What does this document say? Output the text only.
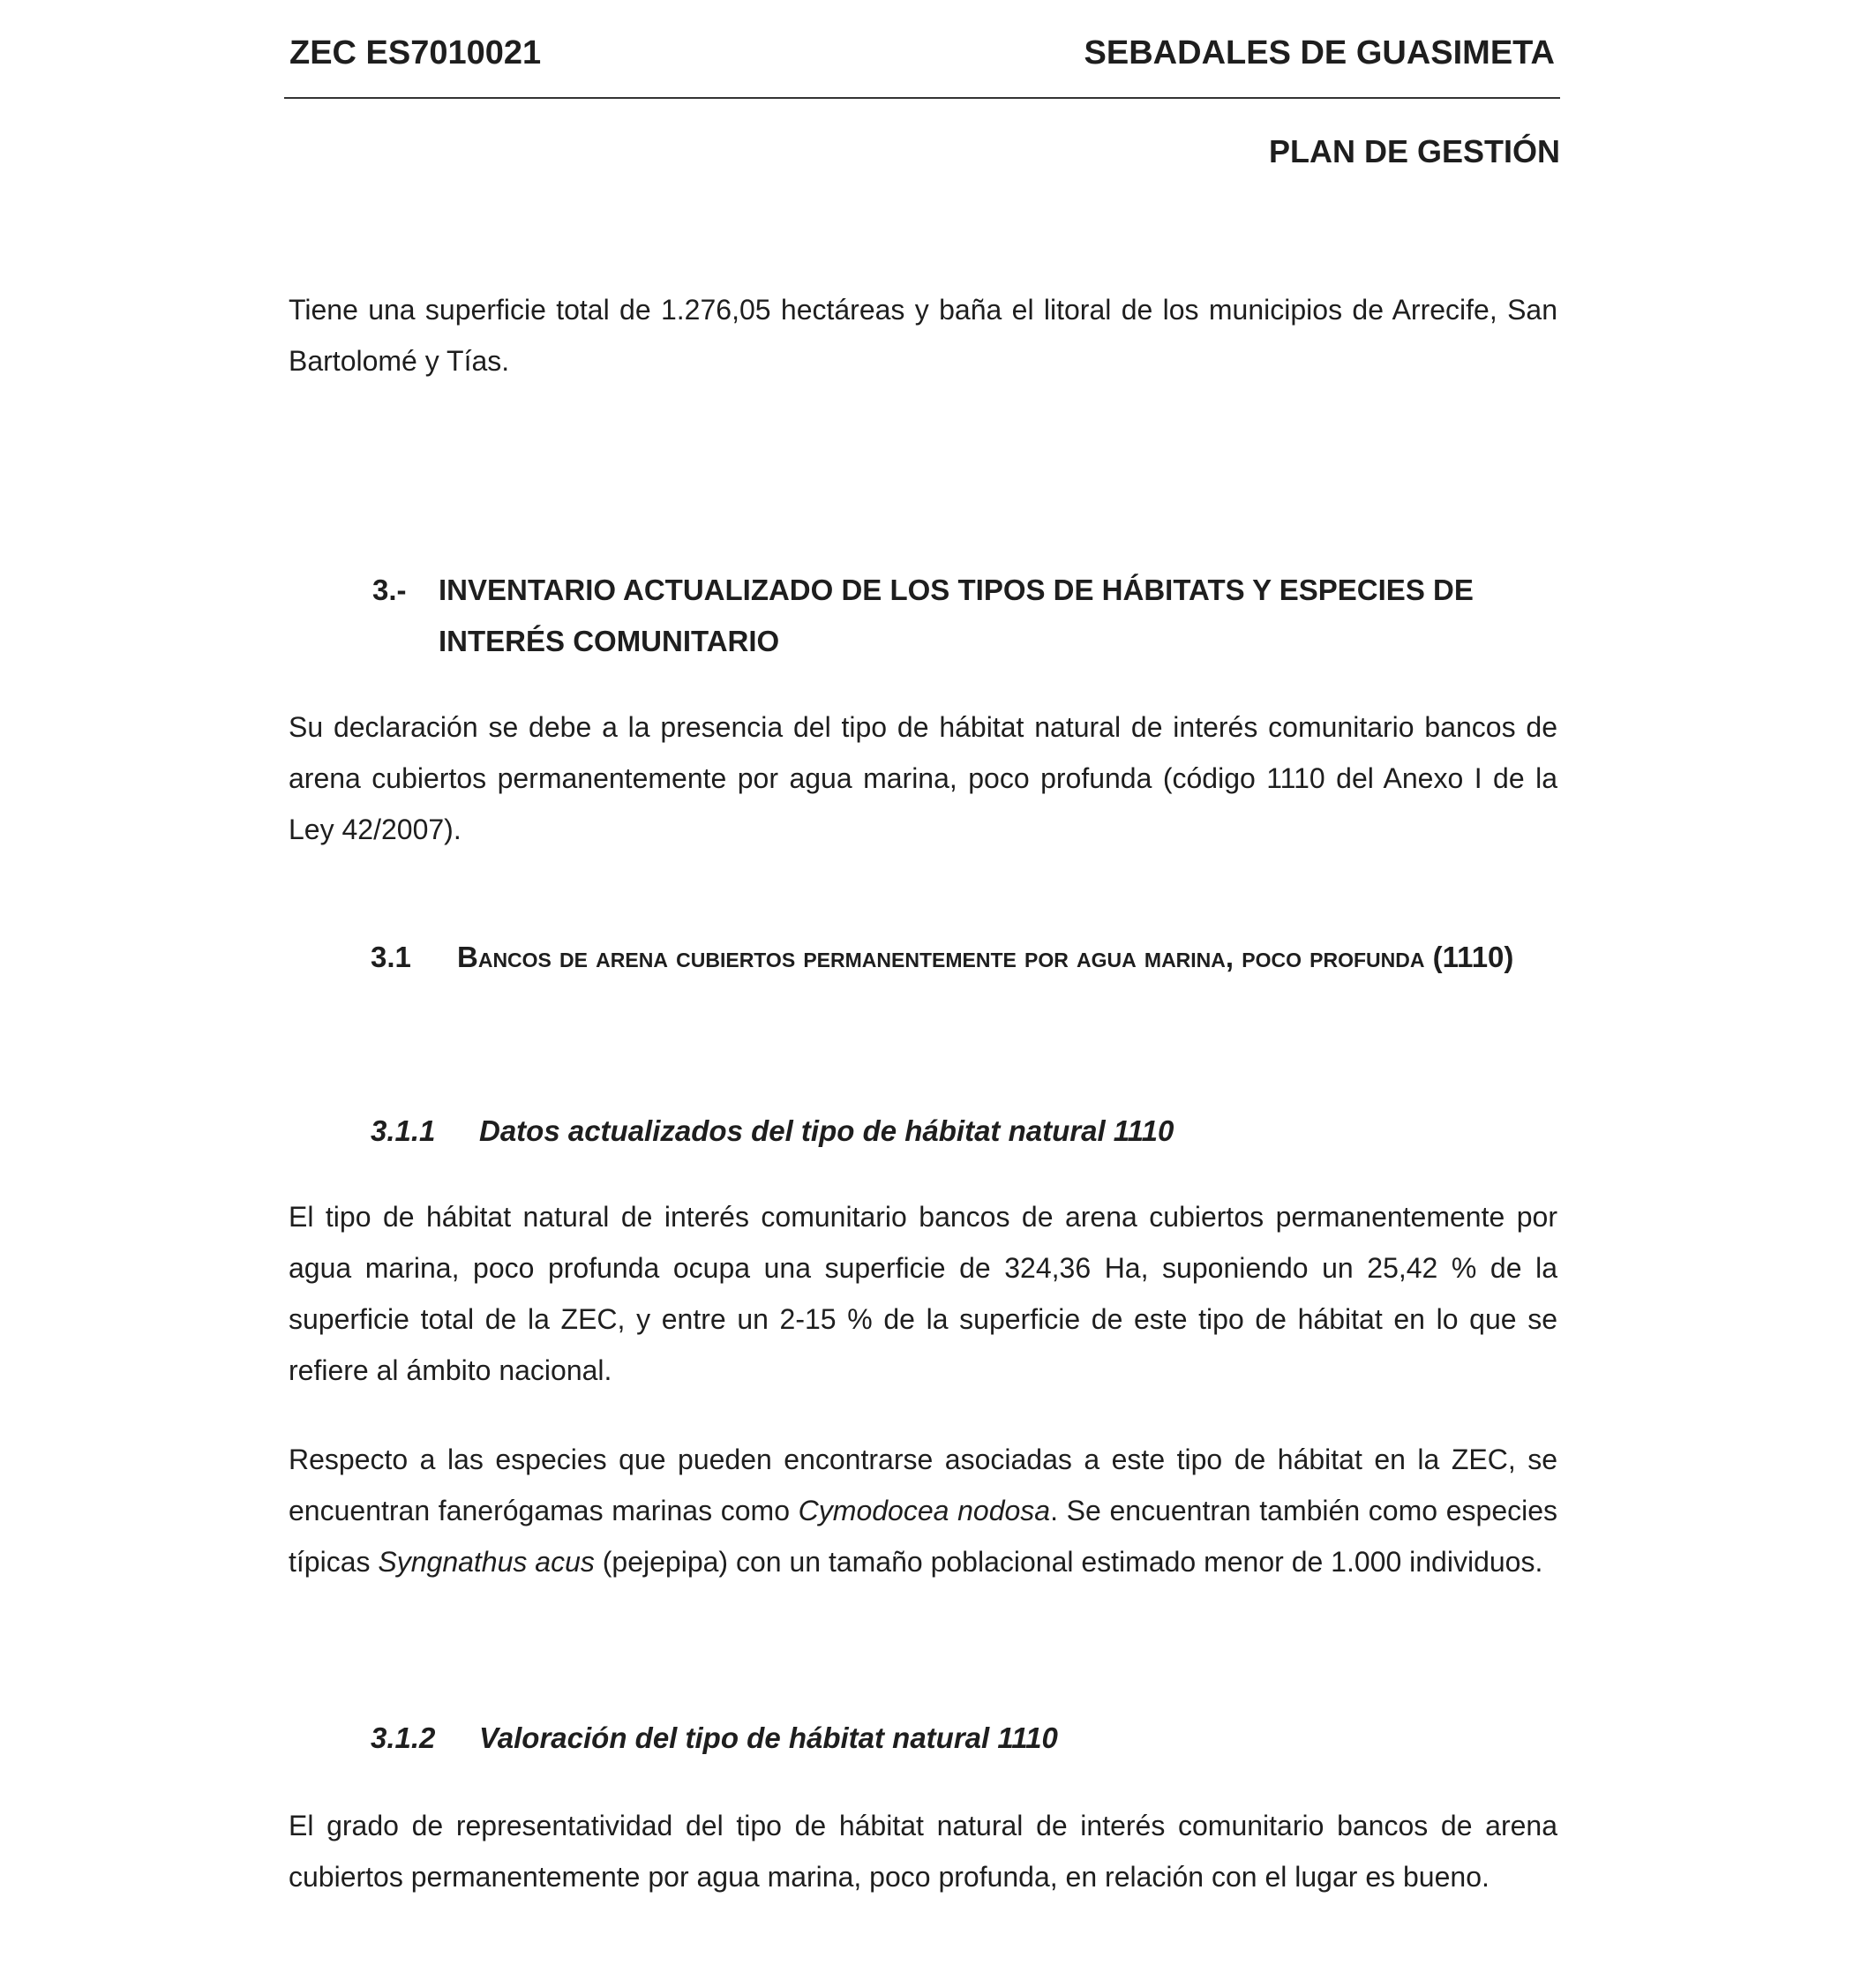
ZEC ES7010021	SEBADALES DE GUASIMETA
PLAN DE GESTIÓN

Tiene una superficie total de 1.276,05 hectáreas y baña el litoral de los municipios de Arrecife, San Bartolomé y Tías.

3.- INVENTARIO ACTUALIZADO DE LOS TIPOS DE HÁBITATS Y ESPECIES DE INTERÉS COMUNITARIO

Su declaración se debe a la presencia del tipo de hábitat natural de interés comunitario bancos de arena cubiertos permanentemente por agua marina, poco profunda (código 1110 del Anexo I de la Ley 42/2007).

3.1 Bancos de arena cubiertos permanentemente por agua marina, poco profunda (1110)

3.1.1 Datos actualizados del tipo de hábitat natural 1110

El tipo de hábitat natural de interés comunitario bancos de arena cubiertos permanentemente por agua marina, poco profunda ocupa una superficie de 324,36 Ha, suponiendo un 25,42 % de la superficie total de la ZEC, y entre un 2-15 % de la superficie de este tipo de hábitat en lo que se refiere al ámbito nacional.

Respecto a las especies que pueden encontrarse asociadas a este tipo de hábitat en la ZEC, se encuentran fanerógamas marinas como Cymodocea nodosa. Se encuentran también como especies típicas Syngnathus acus (pejepipa) con un tamaño poblacional estimado menor de 1.000 individuos.

3.1.2 Valoración del tipo de hábitat natural 1110

El grado de representatividad del tipo de hábitat natural de interés comunitario bancos de arena cubiertos permanentemente por agua marina, poco profunda, en relación con el lugar es bueno.
